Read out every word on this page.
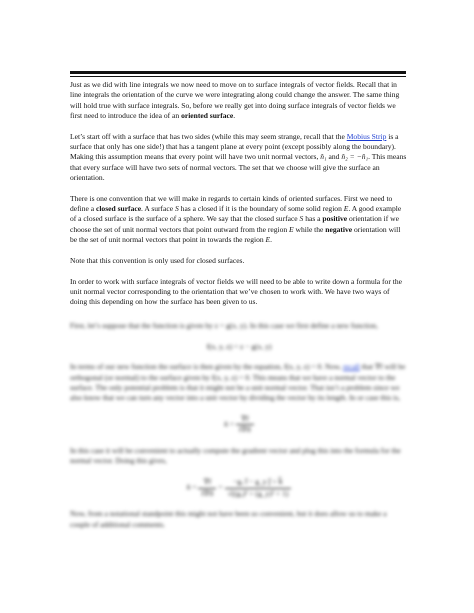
Just as we did with line integrals we now need to move on to surface integrals of vector fields. Recall that in line integrals the orientation of the curve we were integrating along could change the answer. The same thing will hold true with surface integrals. So, before we really get into doing surface integrals of vector fields we first need to introduce the idea of an oriented surface.

Let’s start off with a surface that has two sides (while this may seem strange, recall that the Mobius Strip is a surface that only has one side!) that has a tangent plane at every point (except possibly along the boundary). Making this assumption means that every point will have two unit normal vectors, n̂₁ and n̂₂ = −n̂₁. This means that every surface will have two sets of normal vectors. The set that we choose will give the surface an orientation.

There is one convention that we will make in regards to certain kinds of oriented surfaces. First we need to define a closed surface. A surface S has a closed if it is the boundary of some solid region E. A good example of a closed surface is the surface of a sphere. We say that the closed surface S has a positive orientation if we choose the set of unit normal vectors that point outward from the region E while the negative orientation will be the set of unit normal vectors that point in towards the region E.

Note that this convention is only used for closed surfaces.

In order to work with surface integrals of vector fields we will need to be able to write down a formula for the unit normal vector corresponding to the orientation that we’ve chosen to work with. We have two ways of doing this depending on how the surface has been given to us.

First, let’s suppose that the function is given by z = g(x, y). In this case we first define a new function,

f(x, y, z) = z − g(x, y)

In terms of our new function the surface is then given by the equation, f(x, y, z) = 0. Now, recall that ∇f will be orthogonal (or normal) to the surface given by f(x, y, z) = 0. This means that we have a normal vector to the surface. The only potential problem is that it might not be a unit normal vector. That isn’t a problem since we also know that we can turn any vector into a unit vector by dividing the vector by its length. In or case this is,

n̂ = $\frac{\nabla f}{‖\nabla f‖}$

In this case it will be convenient to actually compute the gradient vector and plug this into the formula for the normal vector. Doing this gives,

n̂ = $\frac{\nabla f}{‖\nabla f‖} = \frac{\text{−gₓ i⃗ − g\_y j⃗ + k⃗}}{\text{√((gₓ)² + (g\_y)² + 1)}}$

Now, from a notational standpoint this might not have been so convenient, but it does allow us to make a couple of additional comments.
